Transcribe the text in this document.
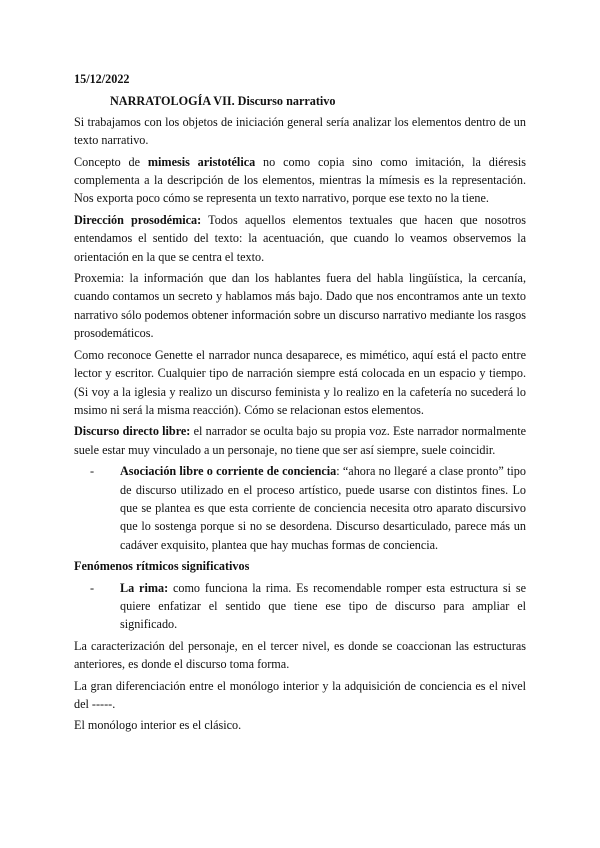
15/12/2022
NARRATOLOGÍA VII. Discurso narrativo

Si trabajamos con los objetos de iniciación general sería analizar los elementos dentro de un texto narrativo.

Concepto de mimesis aristotélica no como copia sino como imitación, la diéresis complementa a la descripción de los elementos, mientras la mímesis es la representación. Nos exporta poco cómo se representa un texto narrativo, porque ese texto no la tiene.

Dirección prosodémica: Todos aquellos elementos textuales que hacen que nosotros entendamos el sentido del texto: la acentuación, que cuando lo veamos observemos la orientación en la que se centra el texto.

Proxemia: la información que dan los hablantes fuera del habla lingüística, la cercanía, cuando contamos un secreto y hablamos más bajo. Dado que nos encontramos ante un texto narrativo sólo podemos obtener información sobre un discurso narrativo mediante los rasgos prosodemáticos.

Como reconoce Genette el narrador nunca desaparece, es mimético, aquí está el pacto entre lector y escritor. Cualquier tipo de narración siempre está colocada en un espacio y tiempo. (Si voy a la iglesia y realizo un discurso feminista y lo realizo en la cafetería no sucederá lo msimo ni será la misma reacción). Cómo se relacionan estos elementos.

Discurso directo libre: el narrador se oculta bajo su propia voz. Este narrador normalmente suele estar muy vinculado a un personaje, no tiene que ser así siempre, suele coincidir.

- Asociación libre o corriente de conciencia: “ahora no llegaré a clase pronto” tipo de discurso utilizado en el proceso artístico, puede usarse con distintos fines. Lo que se plantea es que esta corriente de conciencia necesita otro aparato discursivo que lo sostenga porque si no se desordena. Discurso desarticulado, parece más un cadáver exquisito, plantea que hay muchas formas de conciencia.
Fenómenos rítmicos significativos
- La rima: como funciona la rima. Es recomendable romper esta estructura si se quiere enfatizar el sentido que tiene ese tipo de discurso para ampliar el significado.

La caracterización del personaje, en el tercer nivel, es donde se coaccionan las estructuras anteriores, es donde el discurso toma forma.

La gran diferenciación entre el monólogo interior y la adquisición de conciencia es el nivel del -----.

El monólogo interior es el clásico.
